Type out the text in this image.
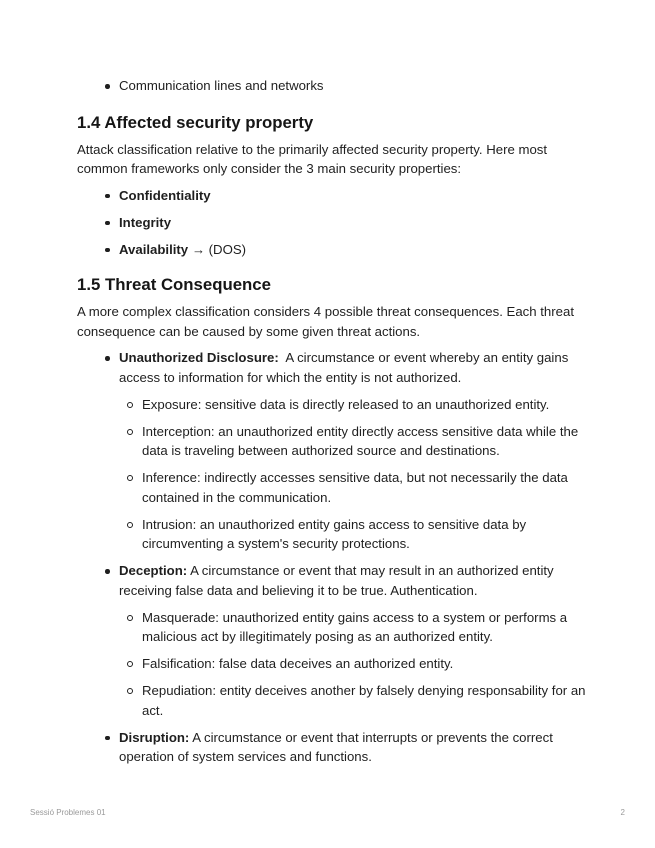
Communication lines and networks
1.4 Affected security property

Attack classification relative to the primarily affected security property. Here most common frameworks only consider the 3 main security properties:

Confidentiality
Integrity
Availability → (DOS)
1.5 Threat Consequence

A more complex classification considers 4 possible threat consequences. Each threat consequence can be caused by some given threat actions.

Unauthorized Disclosure:  A circumstance or event whereby an entity gains access to information for which the entity is not authorized.
Exposure: sensitive data is directly released to an unauthorized entity.
Interception: an unauthorized entity directly access sensitive data while the data is traveling between authorized source and destinations.
Inference: indirectly accesses sensitive data, but not necessarily the data contained in the communication.
Intrusion: an unauthorized entity gains access to sensitive data by circumventing a system's security protections.
Deception: A circumstance or event that may result in an authorized entity receiving false data and believing it to be true. Authentication.
Masquerade: unauthorized entity gains access to a system or performs a malicious act by illegitimately posing as an authorized entity.
Falsification: false data deceives an authorized entity.
Repudiation: entity deceives another by falsely denying responsability for an act.
Disruption: A circumstance or event that interrupts or prevents the correct operation of system services and functions.
Sessió Problemes 01	2
